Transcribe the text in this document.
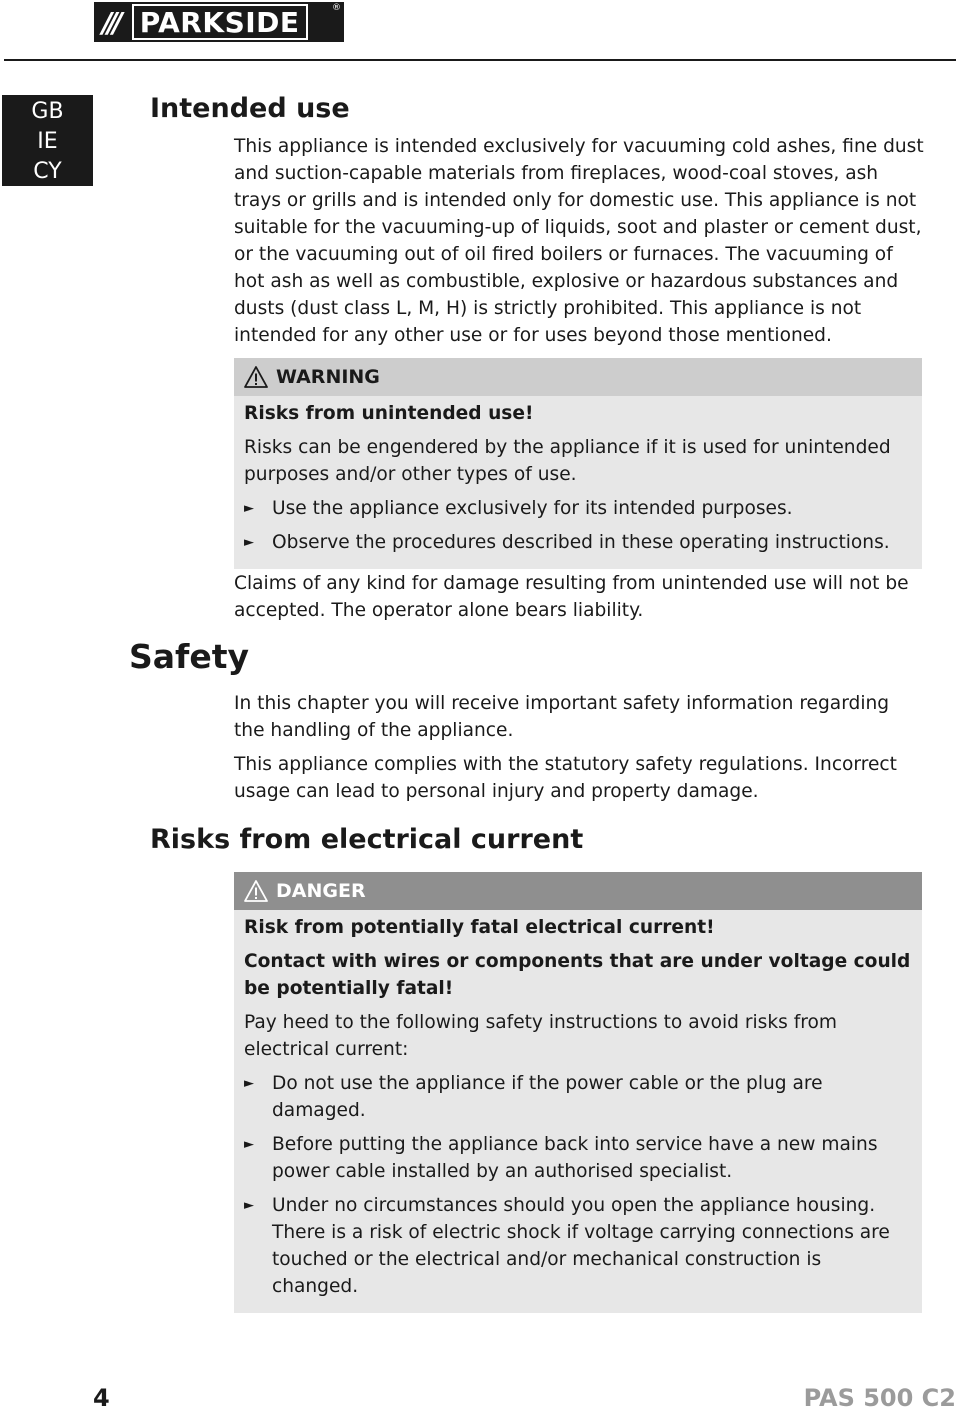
/// PARKSIDE	®
GB
IE
CY
Intended use

This appliance is intended exclusively for vacuuming cold ashes, fine dust and suction-capable materials from fireplaces, wood-coal stoves, ash trays or grills and is intended only for domestic use. This appliance is not suitable for the vacuuming-up of liquids, soot and plaster or cement dust, or the vacuuming out of oil fired boilers or furnaces. The vacuuming of hot ash as well as combustible, explosive or hazardous substances and dusts (dust class L, M, H) is strictly prohibited. This appliance is not intended for any other use or for uses beyond those mentioned.

WARNING

Risks from unintended use!

Risks can be engendered by the appliance if it is used for unintended purposes and/or other types of use.

► Use the appliance exclusively for its intended purposes.
► Observe the procedures described in these operating instructions.

Claims of any kind for damage resulting from unintended use will not be accepted. The operator alone bears liability.

Safety

In this chapter you will receive important safety information regarding the handling of the appliance.

This appliance complies with the statutory safety regulations. Incorrect usage can lead to personal injury and property damage.

Risks from electrical current
DANGER

Risk from potentially fatal electrical current!

Contact with wires or components that are under voltage could be potentially fatal!

Pay heed to the following safety instructions to avoid risks from electrical current:

► Do not use the appliance if the power cable or the plug are damaged.
► Before putting the appliance back into service have a new mains power cable installed by an authorised specialist.
► Under no circumstances should you open the appliance housing. There is a risk of electric shock if voltage carrying connections are touched or the electrical and/or mechanical construction is changed.
4	PAS 500 C2
